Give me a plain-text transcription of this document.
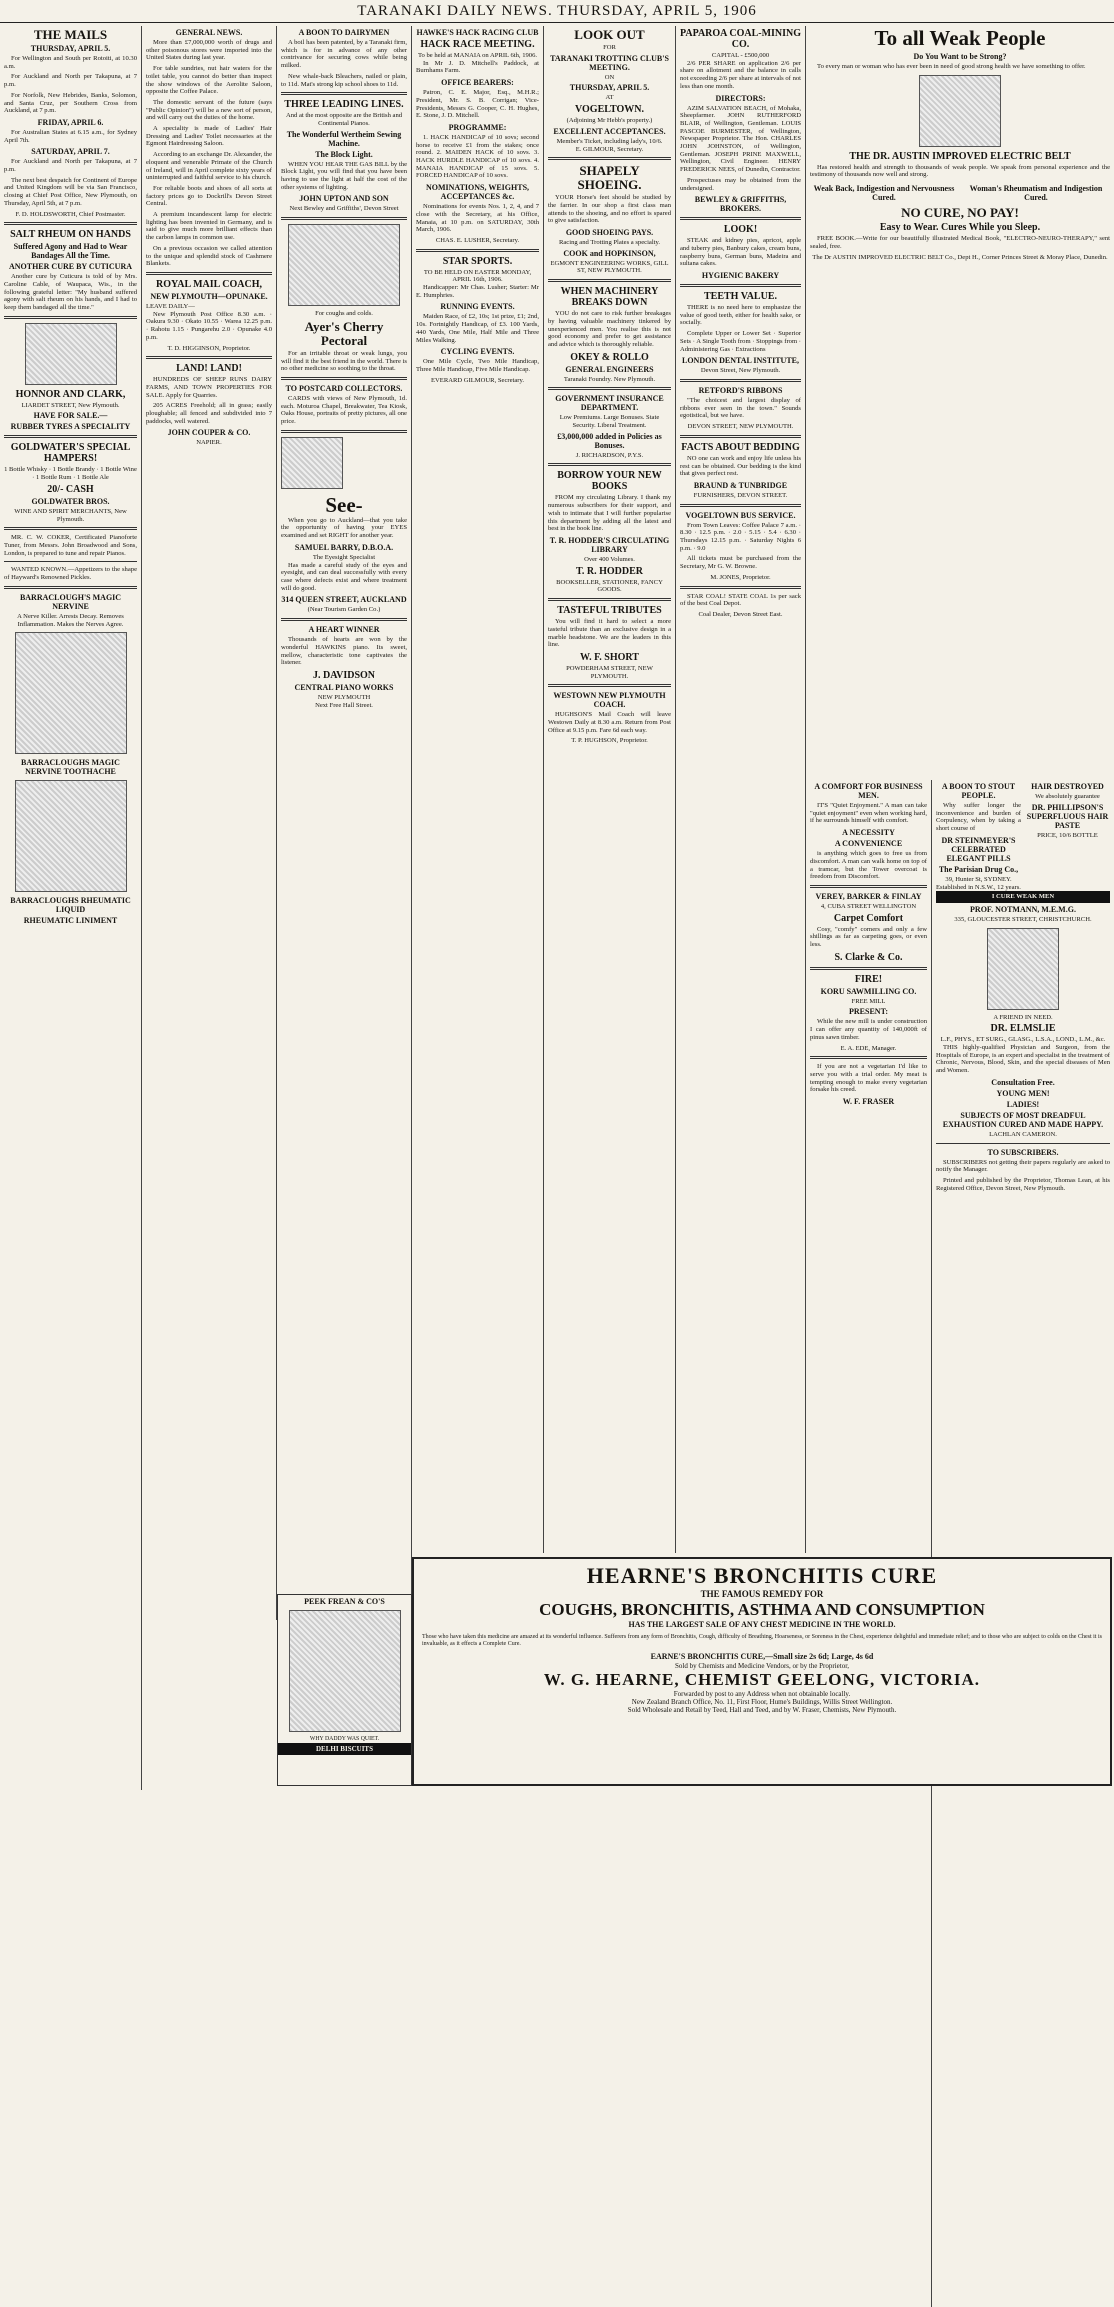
TARANAKI DAILY NEWS. THURSDAY, APRIL 5, 1906
THE MAILS
THURSDAY, APRIL 5.

For Wellington and South per Rotoiti, at 10.30 a.m.

For Auckland and North per Takapuna, at 7 p.m.

For Norfolk, New Hebrides, Banks, Solomon, and Santa Cruz, per Southern Cross from Auckland, at 7 p.m.

FRIDAY, APRIL 6.

For Australian States at 6.15 a.m., for Sydney April 7th.

SATURDAY, APRIL 7.

For Auckland and North per Takapuna, at 7 p.m.

The next best despatch for Continent of Europe and United Kingdom will be via San Francisco, closing at Chief Post Office, New Plymouth, on Thursday, April 5th, at 7 p.m.

F. D. HOLDSWORTH, Chief Postmaster.
SALT RHEUM ON HANDS
Suffered Agony and Had to Wear Bandages All the Time.
ANOTHER CURE BY CUTICURA

Another cure by Cuticura is told of by Mrs. Caroline Cable, of Waupaca, Wis., in the following grateful letter: "My husband suffered agony with salt rheum on his hands, and I had to keep them bandaged all the time."

HONNOR AND CLARK,
LIARDET STREET, New Plymouth.
HAVE FOR SALE.—
RUBBER TYRES A SPECIALITY
GOLDWATER'S SPECIAL HAMPERS!
1 Bottle Whisky · 1 Bottle Brandy · 1 Bottle Wine · 1 Bottle Rum · 1 Bottle Ale
20/- CASH
GOLDWATER BROS.
WINE AND SPIRIT MERCHANTS, New Plymouth.

MR. C. W. COKER, Certificated Pianoforte Tuner, from Messrs. John Broadwood and Sons, London, is prepared to tune and repair Pianos.

WANTED KNOWN.—Appetizers to the shape of Hayward's Renowned Pickles.

BARRACLOUGH'S MAGIC NERVINE
A Nerve Killer. Arrests Decay. Removes Inflammation. Makes the Nerves Agree.
BARRACLOUGHS MAGIC NERVINE TOOTHACHE
BARRACLOUGHS RHEUMATIC LIQUID
RHEUMATIC LINIMENT
GENERAL NEWS.

More than £7,000,000 worth of drugs and other poisonous stores were imported into the United States during last year.

For table sundries, nut hair waters for the toilet table, you cannot do better than inspect the show windows of the Aerolite Saloon, opposite the Coffee Palace.

The domestic servant of the future (says "Public Opinion") will be a new sort of person, and will carry out the duties of the home.

A speciality is made of Ladies' Hair Dressing and Ladies' Toilet necessaries at the Egmont Hairdressing Saloon.

According to an exchange Dr. Alexander, the eloquent and venerable Primate of the Church of Ireland, will in April complete sixty years of uninterrupted and faithful service to his church.

For reliable boots and shoes of all sorts at factory prices go to Dockrill's Devon Street Central.

A premium incandescent lamp for electric lighting has been invented in Germany, and is said to give much more brilliant effects than the carbon lamps in common use.

On a previous occasion we called attention to the unique and splendid stock of Cashmere Blankets.

ROYAL MAIL COACH,
NEW PLYMOUTH—OPUNAKE.
LEAVE DAILY—

New Plymouth Post Office 8.30 a.m. · Oakura 9.30 · Okato 10.55 · Warea 12.25 p.m. · Rahotu 1.15 · Pungarehu 2.0 · Opunake 4.0 p.m.

T. D. HIGGINSON, Proprietor.
LAND! LAND!

HUNDREDS OF SHEEP RUNS DAIRY FARMS, AND TOWN PROPERTIES FOR SALE. Apply for Quarries.

205 ACRES Freehold; all in grass; easily ploughable; all fenced and subdivided into 7 paddocks, well watered.

JOHN COUPER & CO.
NAPIER.
A BOON TO DAIRYMEN

A boil has been patented, by a Taranaki firm, which is for in advance of any other contrivance for securing cows while being milked.

New whale-back Bleachers, nailed or plain, to 11d. Mat's strong kip school shoes to 11d.

THREE LEADING LINES.
And at the most opposite are the British and Continental Pianos.
The Wonderful Wertheim Sewing Machine.
The Block Light.

WHEN YOU HEAR THE GAS BILL by the Block Light, you will find that you have been having to use the light at half the cost of the other systems of lighting.

JOHN UPTON AND SON
Next Bewley and Griffiths', Devon Street
For coughs and colds.
Ayer's Cherry Pectoral

For an irritable throat or weak lungs, you will find it the best friend in the world. There is no other medicine so soothing to the throat.

TO POSTCARD COLLECTORS.

CARDS with views of New Plymouth, 1d. each. Moturoa Chapel, Breakwater, Tea Kiosk, Oaks House, portraits of pretty pictures, all one price.

See-

When you go to Auckland—that you take the opportunity of having your EYES examined and set RIGHT for another year.

SAMUEL BARRY, D.B.O.A.
The Eyesight Specialist

Has made a careful study of the eyes and eyesight, and can deal successfully with every case where defects exist and where treatment will do good.

314 QUEEN STREET, AUCKLAND
(Near Tourism Garden Co.)
A HEART WINNER

Thousands of hearts are won by the wonderful HAWKINS piano. Its sweet, mellow, characteristic tone captivates the listener.

J. DAVIDSON
CENTRAL PIANO WORKS
NEW PLYMOUTH
Next Free Hall Street.
HAWKE'S HACK RACING CLUB
HACK RACE MEETING.
To be held at MANAIA on APRIL 6th, 1906.

In Mr J. D. Mitchell's Paddock, at Burnhams Farm.

OFFICE BEARERS:

Patron, C. E. Major, Esq., M.H.R.; President, Mr. S. B. Corrigan; Vice-Presidents, Messrs G. Cooper, C. H. Hughes, E. Stone, J. D. Mitchell.

PROGRAMME:

1. HACK HANDICAP of 10 sovs; second horse to receive £1 from the stakes; once round. 2. MAIDEN HACK of 10 sovs. 3. HACK HURDLE HANDICAP of 10 sovs. 4. MANAIA HANDICAP of 15 sovs. 5. FORCED HANDICAP of 10 sovs.

NOMINATIONS, WEIGHTS, ACCEPTANCES &c.

Nominations for events Nos. 1, 2, 4, and 7 close with the Secretary, at his Office, Manaia, at 10 p.m. on SATURDAY, 30th March, 1906.

CHAS. E. LUSHER, Secretary.
STAR SPORTS.
TO BE HELD ON EASTER MONDAY, APRIL 16th, 1906.

Handicapper: Mr Chas. Lusher; Starter: Mr E. Humphries.

RUNNING EVENTS.

Maiden Race, of £2, 10s; 1st prize, £1; 2nd, 10s. Fortnightly Handicap, of £3. 100 Yards, 440 Yards, One Mile, Half Mile and Three Miles Walking.

CYCLING EVENTS.

One Mile Cycle, Two Mile Handicap, Three Mile Handicap, Five Mile Handicap.

EVERARD GILMOUR, Secretary.
LOOK OUT
FOR
TARANAKI TROTTING CLUB'S MEETING.
ON
THURSDAY, APRIL 5.
AT
VOGELTOWN.
(Adjoining Mr Hebb's property.)
EXCELLENT ACCEPTANCES.
Member's Ticket, including lady's, 10/6.
E. GILMOUR, Secretary.
SHAPELY SHOEING.

YOUR Horse's feet should be studied by the farrier. In our shop a first class man attends to the shoeing, and no effort is spared to give satisfaction.

GOOD SHOEING PAYS.
Racing and Trotting Plates a specialty.
COOK and HOPKINSON,
EGMONT ENGINEERING WORKS, GILL ST, NEW PLYMOUTH.
WHEN MACHINERY BREAKS DOWN

YOU do not care to risk further breakages by having valuable machinery tinkered by unexperienced men. You realise this is not good economy and prefer to get assistance and advice which is thoroughly reliable.

OKEY & ROLLO
GENERAL ENGINEERS
Taranaki Foundry. New Plymouth.
GOVERNMENT INSURANCE DEPARTMENT.
Low Premiums. Large Bonuses. State Security. Liberal Treatment.
£3,000,000 added in Policies as Bonuses.
J. RICHARDSON, P.Y.S.
BORROW YOUR NEW BOOKS

FROM my circulating Library. I thank my numerous subscribers for their support, and wish to intimate that I will further popularise this department by adding all the latest and best in the book line.

T. R. HODDER'S CIRCULATING LIBRARY
Over 400 Volumes.
T. R. HODDER
BOOKSELLER, STATIONER, FANCY GOODS.
TASTEFUL TRIBUTES

You will find it hard to select a more tasteful tribute than an exclusive design in a marble headstone. We are the leaders in this line.

W. F. SHORT
POWDERHAM STREET, NEW PLYMOUTH.
WESTOWN NEW PLYMOUTH COACH.

HUGHSON'S Mail Coach will leave Westown Daily at 8.30 a.m. Return from Post Office at 9.15 p.m. Fare 6d each way.

T. P. HUGHSON, Proprietor.
PAPAROA COAL-MINING CO.
CAPITAL - £500,000

2/6 PER SHARE on application 2/6 per share on allotment and the balance in calls not exceeding 2/6 per share at intervals of not less than one month.

DIRECTORS:

AZIM SALVATION BEACH, of Mohaka, Sheepfarmer. JOHN RUTHERFORD BLAIR, of Wellington, Gentleman. LOUIS PASCOE BURMESTER, of Wellington, Newspaper Proprietor. The Hon. CHARLES JOHN JOHNSTON, of Wellington, Gentleman. JOSEPH PRINE MAXWELL, Wellington, Civil Engineer. HENRY FREDERICK NEES, of Dunedin, Contractor.

Prospectuses may be obtained from the undersigned.

BEWLEY & GRIFFITHS, BROKERS.
LOOK!

STEAK and kidney pies, apricot, apple and tuberry pies, Banbury cakes, cream buns, raspberry buns, German buns, Madeira and sultana cakes.

HYGIENIC BAKERY
TEETH VALUE.

THERE is no need here to emphasize the value of good teeth, either for health sake, or socially.

Complete Upper or Lower Set · Superior Sets · A Single Tooth from · Stoppings from · Administering Gas · Extractions

LONDON DENTAL INSTITUTE,
Devon Street, New Plymouth.
RETFORD'S RIBBONS

"The choicest and largest display of ribbons ever seen in the town." Sounds egotistical, but we have.

DEVON STREET, NEW PLYMOUTH.
FACTS ABOUT BEDDING

NO one can work and enjoy life unless his rest can be obtained. Our bedding is the kind that gives perfect rest.

BRAUND & TUNBRIDGE
FURNISHERS, DEVON STREET.
VOGELTOWN BUS SERVICE.

From Town Leaves: Coffee Palace 7 a.m. · 8.30 · 12.5 p.m. · 2.0 · 5.15 · 5.4 · 6.30 · Thursdays 12.15 p.m. · Saturday Nights 6 p.m. · 9.0

All tickets must be purchased from the Secretary, Mr G. W. Browne.

M. JONES, Proprietor.

STAR COAL! STATE COAL 1s per sack of the best Coal Depot.

Coal Dealer, Devon Street East.
A COMFORT FOR BUSINESS MEN.

IT'S "Quiet Enjoyment." A man can take "quiet enjoyment" even when working hard, if he surrounds himself with comfort.

A NECESSITY
A CONVENIENCE

is anything which goes to free us from discomfort. A man can walk home on top of a tramcar, but the Tower overcoat is freedom from Discomfort.

VEREY, BARKER & FINLAY
4, CUBA STREET WELLINGTON
Carpet Comfort

Cosy, "comfy" corners and only a few shillings as far as carpeting goes, or even less.

S. Clarke & Co.
FIRE!
KORU SAWMILLING CO.
FREE MILL
PRESENT:

While the new mill is under construction I can offer any quantity of 140,000ft of pinus sawn timber.

E. A. EDE, Manager.

If you are not a vegetarian I'd like to serve you with a trial order. My meat is tempting enough to make every vegetarian forsake his creed.

W. F. FRASER
To all Weak People
Do You Want to be Strong?

To every man or woman who has ever been in need of good strong health we have something to offer.

THE DR. AUSTIN IMPROVED ELECTRIC BELT

Has restored health and strength to thousands of weak people. We speak from personal experience and the testimony of thousands now well and strong.

Weak Back, Indigestion and Nervousness Cured.
Woman's Rheumatism and Indigestion Cured.
NO CURE, NO PAY!
Easy to Wear. Cures While you Sleep.

FREE BOOK.—Write for our beautifully illustrated Medical Book, "ELECTRO-NEURO-THERAPY," sent sealed, free.

The Dr AUSTIN IMPROVED ELECTRIC BELT Co., Dept H., Corner Princes Street & Moray Place, Dunedin.
A BOON TO STOUT PEOPLE.

Why suffer longer the inconvenience and burden of Corpulency, when by taking a short course of

DR STEINMEYER'S CELEBRATED ELEGANT PILLS
The Parisian Drug Co.,
39, Hunter St, SYDNEY. Established in N.S.W., 12 years.
HAIR DESTROYED
We absolutely guarantee
DR. PHILLIPSON'S SUPERFLUOUS HAIR PASTE
PRICE, 10/6 BOTTLE
I CURE WEAK MEN
PROF. NOTMANN, M.E.M.G.
335, GLOUCESTER STREET, CHRISTCHURCH.
A FRIEND IN NEED.
DR. ELMSLIE
L.F., PHYS., ET SURG., GLASG., L.S.A., LOND., L.M., &c.

THIS highly-qualified Physician and Surgeon, from the Hospitals of Europe, is an expert and specialist in the treatment of Chronic, Nervous, Blood, Skin, and the special diseases of Men and Women.

Consultation Free.
YOUNG MEN!
LADIES!
SUBJECTS OF MOST DREADFUL EXHAUSTION CURED AND MADE HAPPY.
LACHLAN CAMERON.
TO SUBSCRIBERS.

SUBSCRIBERS not getting their papers regularly are asked to notify the Manager.

Printed and published by the Proprietor, Thomas Lean, at his Registered Office, Devon Street, New Plymouth.

HEARNE'S BRONCHITIS CURE
THE FAMOUS REMEDY FOR
COUGHS, BRONCHITIS, ASTHMA AND CONSUMPTION
HAS THE LARGEST SALE OF ANY CHEST MEDICINE IN THE WORLD.
Those who have taken this medicine are amazed at its wonderful influence. Sufferers from any form of Bronchitis, Cough, difficulty of Breathing, Hoarseness, or Soreness in the Chest, experience delightful and immediate relief; and to those who are subject to colds on the Chest it is invaluable, as it effects a Complete Cure.
EARNE'S BRONCHITIS CURE,—Small size 2s 6d; Large, 4s 6d
Sold by Chemists and Medicine Vendors, or by the Proprietor,
W. G. HEARNE, CHEMIST GEELONG, VICTORIA.
Forwarded by post to any Address when not obtainable locally.
New Zealand Branch Office, No. 11, First Floor, Hume's Buildings, Willis Street Wellington.
Sold Wholesale and Retail by Teed, Hall and Teed, and by W. Fraser, Chemists, New Plymouth.
PEEK FREAN & CO'S
WHY DADDY WAS QUIET.
DELHI BISCUITS
